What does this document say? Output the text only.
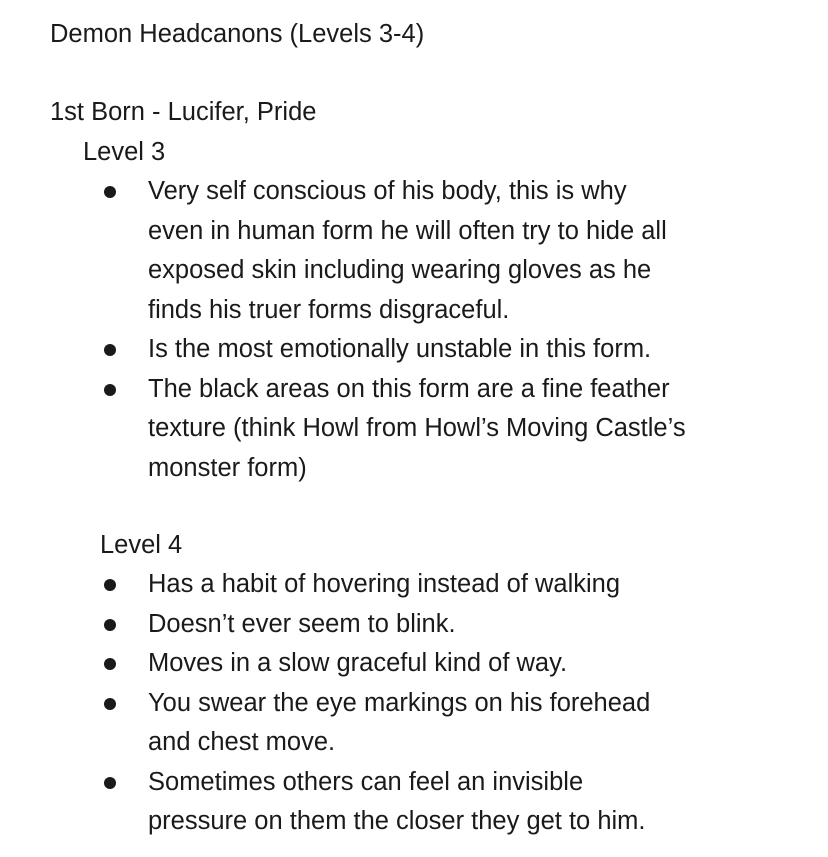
Demon Headcanons (Levels 3-4)
1st Born - Lucifer, Pride
Level 3
Very self conscious of his body, this is why
even in human form he will often try to hide all
exposed skin including wearing gloves as he
finds his truer forms disgraceful.
Is the most emotionally unstable in this form.
The black areas on this form are a fine feather
texture (think Howl from Howl’s Moving Castle’s
monster form)
Level 4
Has a habit of hovering instead of walking
Doesn’t ever seem to blink.
Moves in a slow graceful kind of way.
You swear the eye markings on his forehead
and chest move.
Sometimes others can feel an invisible
pressure on them the closer they get to him.
